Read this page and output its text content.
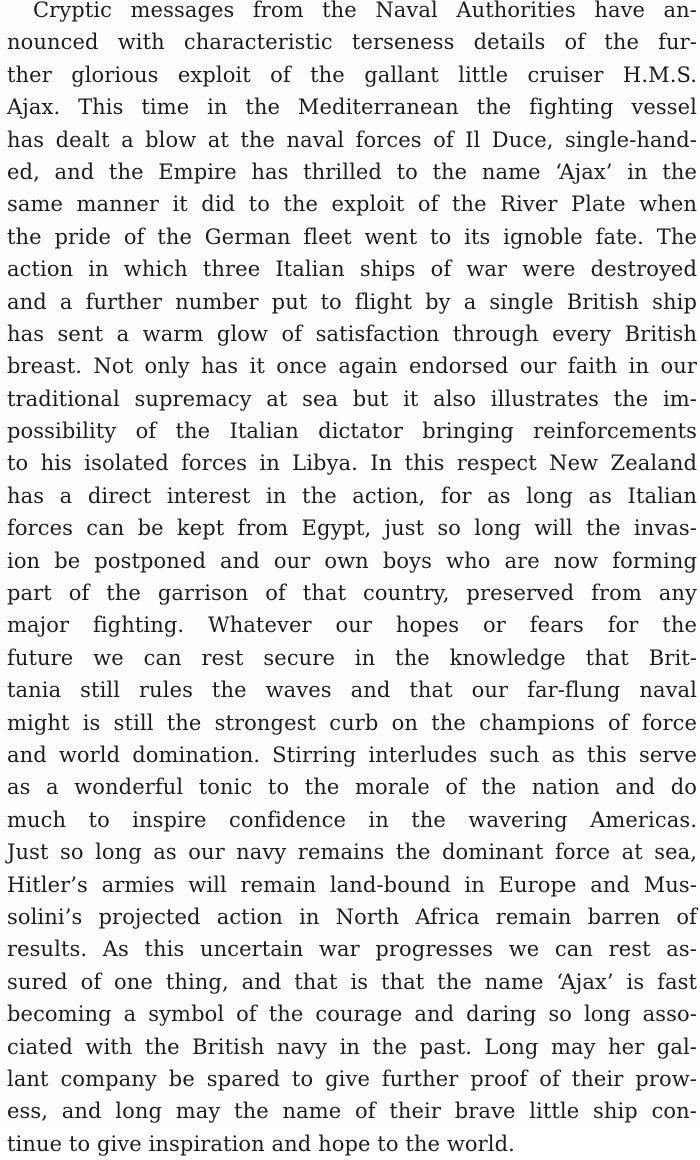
Cryptic messages from the Naval Authorities have an-
nounced with characteristic terseness details of the fur-
ther glorious exploit of the gallant little cruiser H.M.S.
Ajax. This time in the Mediterranean the fighting vessel
has dealt a blow at the naval forces of Il Duce, single-hand-
ed, and the Empire has thrilled to the name ‘Ajax’ in the
same manner it did to the exploit of the River Plate when
the pride of the German fleet went to its ignoble fate. The
action in which three Italian ships of war were destroyed
and a further number put to flight by a single British ship
has sent a warm glow of satisfaction through every British
breast. Not only has it once again endorsed our faith in our
traditional supremacy at sea but it also illustrates the im-
possibility of the Italian dictator bringing reinforcements
to his isolated forces in Libya. In this respect New Zealand
has a direct interest in the action, for as long as Italian
forces can be kept from Egypt, just so long will the invas-
ion be postponed and our own boys who are now forming
part of the garrison of that country, preserved from any
major fighting. Whatever our hopes or fears for the
future we can rest secure in the knowledge that Brit-
tania still rules the waves and that our far-flung naval
might is still the strongest curb on the champions of force
and world domination. Stirring interludes such as this serve
as a wonderful tonic to the morale of the nation and do
much to inspire confidence in the wavering Americas.
Just so long as our navy remains the dominant force at sea,
Hitler’s armies will remain land-bound in Europe and Mus-
solini’s projected action in North Africa remain barren of
results. As this uncertain war progresses we can rest as-
sured of one thing, and that is that the name ‘Ajax’ is fast
becoming a symbol of the courage and daring so long asso-
ciated with the British navy in the past. Long may her gal-
lant company be spared to give further proof of their prow-
ess, and long may the name of their brave little ship con-
tinue to give inspiration and hope to the world.
